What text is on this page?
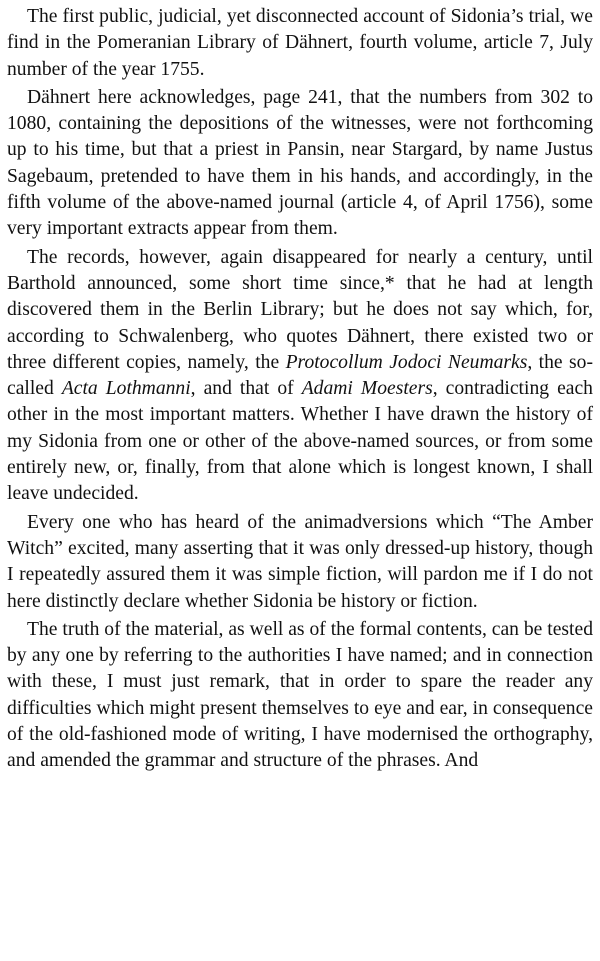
The first public, judicial, yet disconnected account of Sidonia’s trial, we find in the Pomeranian Library of Dähnert, fourth volume, article 7, July number of the year 1755.

Dähnert here acknowledges, page 241, that the numbers from 302 to 1080, containing the depositions of the witnesses, were not forthcoming up to his time, but that a priest in Pansin, near Stargard, by name Justus Sagebaum, pretended to have them in his hands, and accordingly, in the fifth volume of the above-named journal (article 4, of April 1756), some very important extracts appear from them.

The records, however, again disappeared for nearly a century, until Barthold announced, some short time since,* that he had at length discovered them in the Berlin Library; but he does not say which, for, according to Schwalenberg, who quotes Dähnert, there existed two or three different copies, namely, the Protocollum Jodoci Neumarks, the so-called Acta Lothmanni, and that of Adami Moesters, contradicting each other in the most important matters. Whether I have drawn the history of my Sidonia from one or other of the above-named sources, or from some entirely new, or, finally, from that alone which is longest known, I shall leave undecided.

Every one who has heard of the animadversions which “The Amber Witch” excited, many asserting that it was only dressed-up history, though I repeatedly assured them it was simple fiction, will pardon me if I do not here distinctly declare whether Sidonia be history or fiction.

The truth of the material, as well as of the formal contents, can be tested by any one by referring to the authorities I have named; and in connection with these, I must just remark, that in order to spare the reader any difficulties which might present themselves to eye and ear, in consequence of the old-fashioned mode of writing, I have modernised the orthography, and amended the grammar and structure of the phrases. And
